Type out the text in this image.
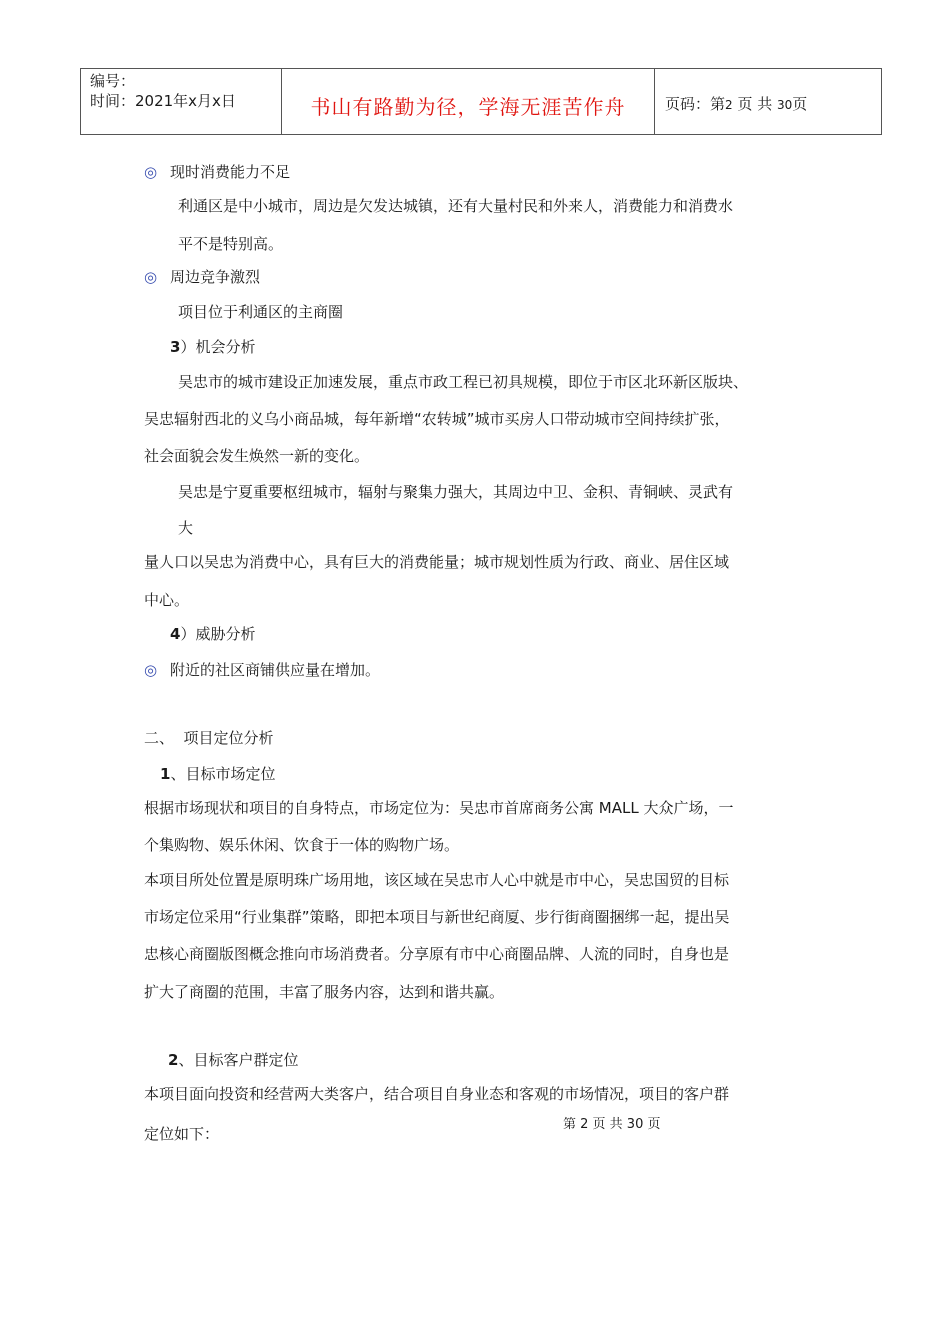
编号：
时间：2021年x月x日	书山有路勤为径，学海无涯苦作舟	页码：第2 页 共 30页
◎ 现时消费能力不足
利通区是中小城市，周边是欠发达城镇，还有大量村民和外来人，消费能力和消费水
平不是特别高。
◎ 周边竞争激烈
项目位于利通区的主商圈
3）机会分析
吴忠市的城市建设正加速发展，重点市政工程已初具规模，即位于市区北环新区版块、
吴忠辐射西北的义乌小商品城，每年新增“农转城”城市买房人口带动城市空间持续扩张，
社会面貌会发生焕然一新的变化。
吴忠是宁夏重要枢纽城市，辐射与聚集力强大，其周边中卫、金积、青铜峡、灵武有
大
量人口以吴忠为消费中心，具有巨大的消费能量；城市规划性质为行政、商业、居住区域
中心。
4）威胁分析
◎ 附近的社区商铺供应量在增加。
二、  项目定位分析
1、目标市场定位
根据市场现状和项目的自身特点，市场定位为：吴忠市首席商务公寓 MALL 大众广场，一
个集购物、娱乐休闲、饮食于一体的购物广场。
本项目所处位置是原明珠广场用地，该区域在吴忠市人心中就是市中心，吴忠国贸的目标
市场定位采用“行业集群”策略，即把本项目与新世纪商厦、步行街商圈捆绑一起，提出吴
忠核心商圈版图概念推向市场消费者。分享原有市中心商圈品牌、人流的同时，自身也是
扩大了商圈的范围，丰富了服务内容，达到和谐共赢。
2、目标客户群定位
本项目面向投资和经营两大类客户，结合项目自身业态和客观的市场情况，项目的客户群
定位如下：
第 2 页 共 30 页
